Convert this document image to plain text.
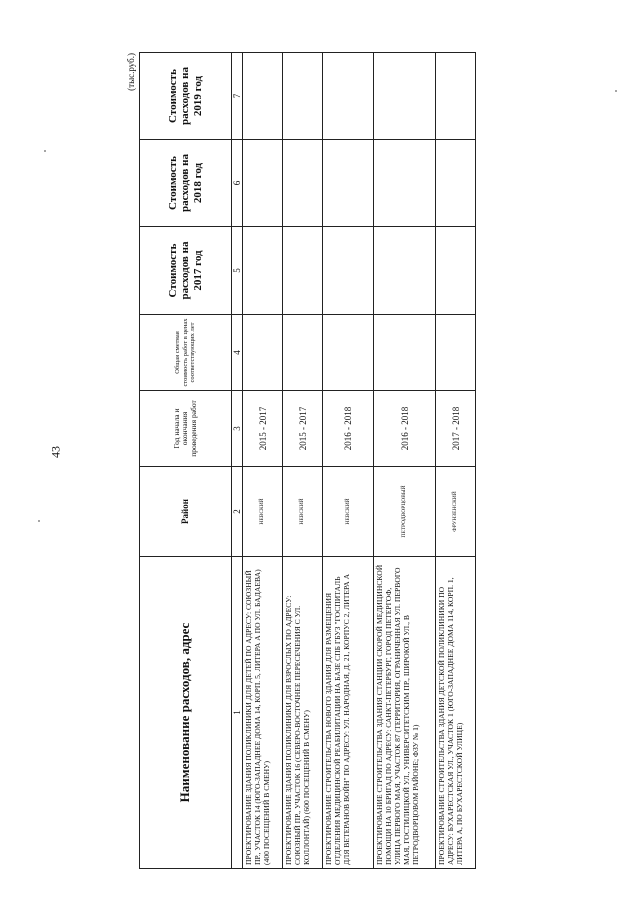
43
(тыс.руб.)
Наименование расходов, адрес	Район	Год начала и окончания проведения работ	Общая сметная стоимость работ в ценах соответствующих лет	Стоимость расходов на 2017 год	Стоимость расходов на 2018 год	Стоимость расходов на 2019 год
1	2	3	4	5	6	7
ПРОЕКТИРОВАНИЕ ЗДАНИЯ ПОЛИКЛИНИКИ ДЛЯ ДЕТЕЙ ПО АДРЕСУ: СОЮЗНЫЙ ПР., УЧАСТОК 14 (ЮГО-ЗАПАДНЕЕ ДОМА 14, КОРП. 5, ЛИТЕРА А ПО УЛ. БАДАЕВА) (400 ПОСЕЩЕНИЙ В СМЕНУ)	НЕВСКИЙ	2015 - 2017				
ПРОЕКТИРОВАНИЕ ЗДАНИЯ ПОЛИКЛИНИКИ ДЛЯ ВЗРОСЛЫХ ПО АДРЕСУ: СОЮЗНЫЙ ПР., УЧАСТОК 16 (СЕВЕРО-ВОСТОЧНЕЕ ПЕРЕСЕЧЕНИЯ С УЛ. КОЛЛОНТАЙ) (600 ПОСЕЩЕНИЙ В СМЕНУ)	НЕВСКИЙ	2015 - 2017				
ПРОЕКТИРОВАНИЕ СТРОИТЕЛЬСТВА НОВОГО ЗДАНИЯ ДЛЯ РАЗМЕЩЕНИЯ ОТДЕЛЕНИЯ МЕДИЦИНСКОЙ РЕАБИЛИТАЦИИ НА БАЗЕ СПБ ГБУЗ "ГОСПИТАЛЬ ДЛЯ ВЕТЕРАНОВ ВОЙН" ПО АДРЕСУ: УЛ. НАРОДНАЯ, Д. 21, КОРПУС 2, ЛИТЕРА А	НЕВСКИЙ	2016 - 2018				
ПРОЕКТИРОВАНИЕ СТРОИТЕЛЬСТВА ЗДАНИЯ СТАНЦИИ СКОРОЙ МЕДИЦИНСКОЙ ПОМОЩИ НА 10 БРИГАД ПО АДРЕСУ: САНКТ-ПЕТЕРБУРГ, ГОРОД ПЕТЕРГОФ, УЛИЦА ПЕРВОГО МАЯ, УЧАСТОК 87 (ТЕРРИТОРИЯ, ОГРАНИЧЕННАЯ УЛ. ПЕРВОГО МАЯ, ГОСТИЛИЦКОЙ УЛ., УНИВЕРСИТЕТСКИМ ПР., ШИРОКОЙ УЛ., В ПЕТРОДВОРЦОВОМ РАЙОНЕ; ФЗУ № 1)	ПЕТРОДВОРЦОВЫЙ	2016 - 2018				
ПРОЕКТИРОВАНИЕ СТРОИТЕЛЬСТВА ЗДАНИЯ ДЕТСКОЙ ПОЛИКЛИНИКИ ПО АДРЕСУ: БУХАРЕСТСКАЯ УЛ., УЧАСТОК 1 (ЮГО-ЗАПАДНЕЕ ДОМА 114, КОРП. 1, ЛИТЕРА А, ПО БУХАРЕСТСКОЙ УЛИЦЕ)	ФРУНЗЕНСКИЙ	2017 - 2018				
